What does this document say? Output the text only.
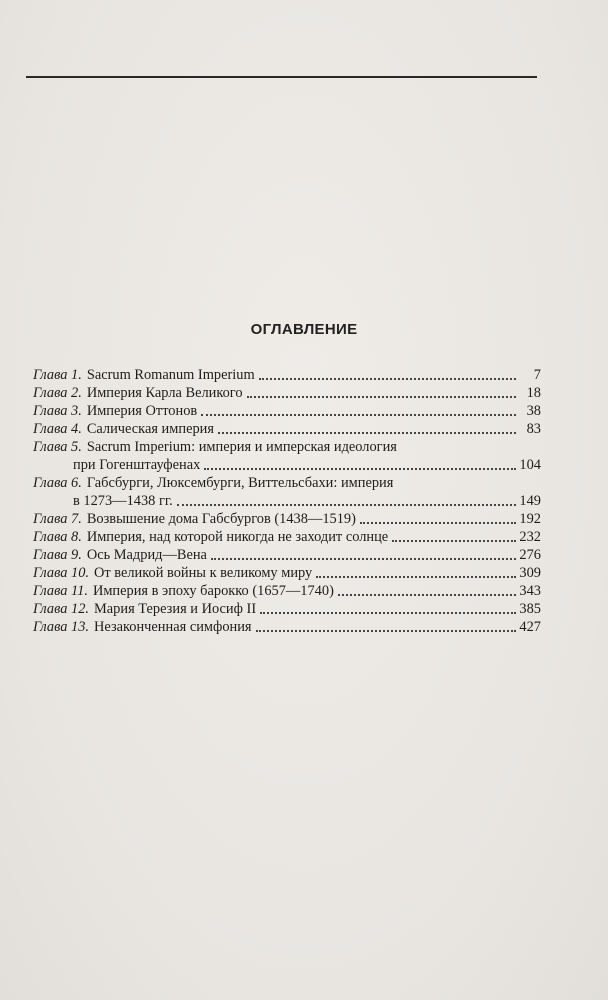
ОГЛАВЛЕНИЕ
Глава 1. Sacrum Romanum Imperium	7
Глава 2. Империя Карла Великого	18
Глава 3. Империя Оттонов	38
Глава 4. Салическая империя	83
Глава 5. Sacrum Imperium: империя и имперская идеология
при Гогенштауфенах	104
Глава 6. Габсбурги, Люксембурги, Виттельсбахи: империя
в 1273—1438 гг.	149
Глава 7. Возвышение дома Габсбургов (1438—1519)	192
Глава 8. Империя, над которой никогда не заходит солнце	232
Глава 9. Ось Мадрид—Вена	276
Глава 10. От великой войны к великому миру	309
Глава 11. Империя в эпоху барокко (1657—1740)	343
Глава 12. Мария Терезия и Иосиф II	385
Глава 13. Незаконченная симфония	427
